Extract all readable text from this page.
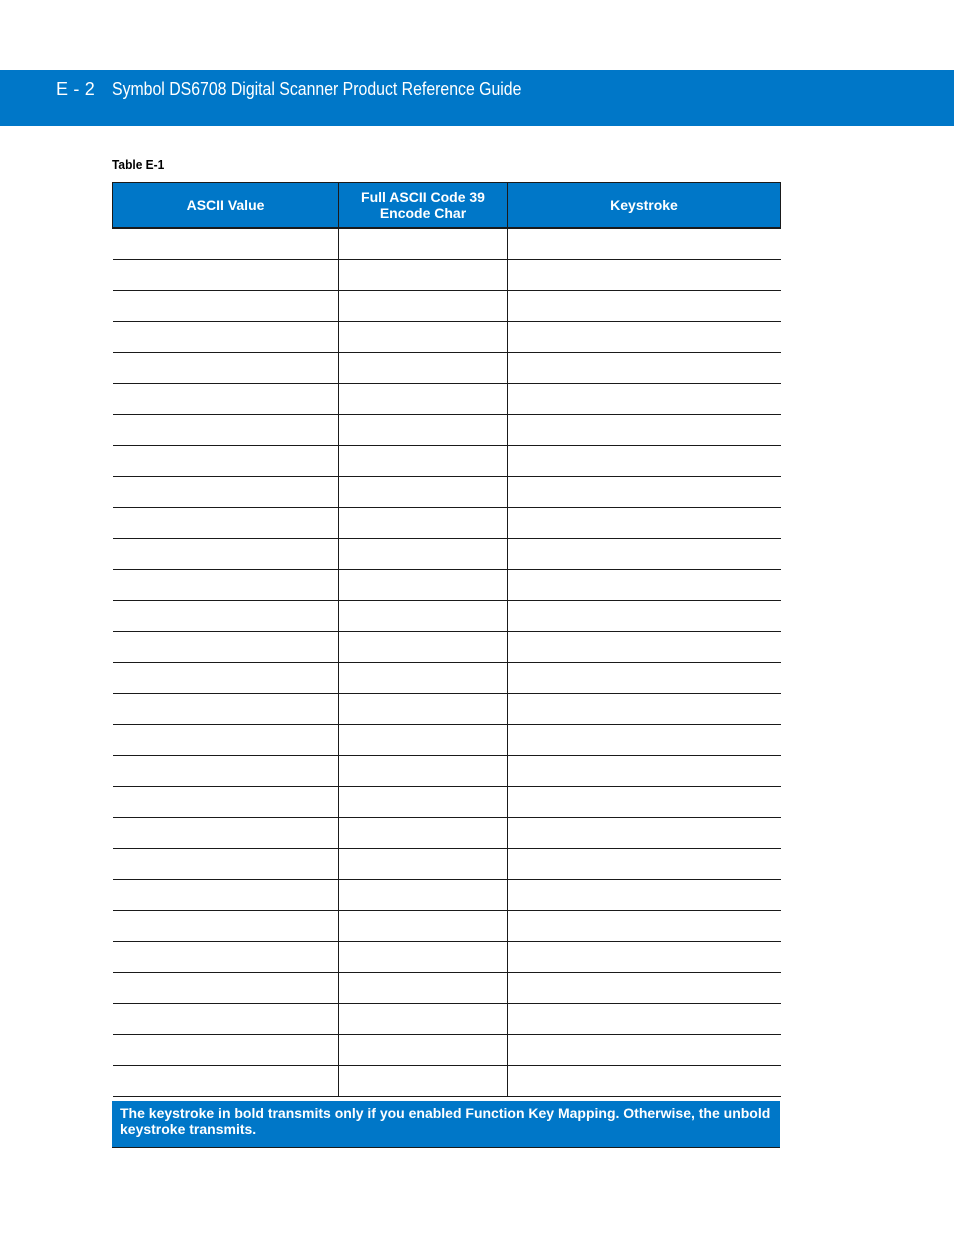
E - 2 Symbol DS6708 Digital Scanner Product Reference Guide
Table E-1
ASCII Value	Full ASCII Code 39 Encode Char	Keystroke

The keystroke in bold transmits only if you enabled Function Key Mapping. Otherwise, the unbold keystroke transmits.
